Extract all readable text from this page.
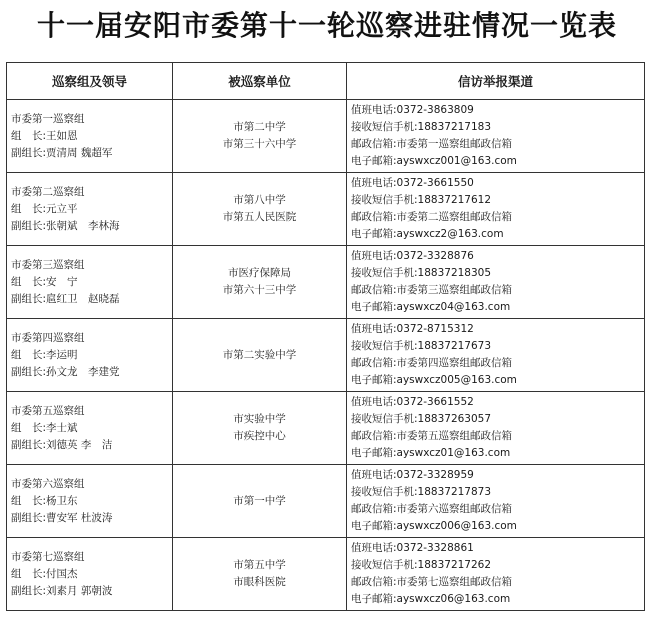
十一届安阳市委第十一轮巡察进驻情况一览表
巡察组及领导	被巡察单位	信访举报渠道

市委第一巡察组
组　长:王如恩
副组长:贾清周 魏超军	市第二中学
市第三十六中学	值班电话:0372-3863809
接收短信手机:18837217183
邮政信箱:市委第一巡察组邮政信箱
电子邮箱:ayswxcz001@163.com

市委第二巡察组
组　长:元立平
副组长:张朝斌　李林海	市第八中学
市第五人民医院	值班电话:0372-3661550
接收短信手机:18837217612
邮政信箱:市委第二巡察组邮政信箱
电子邮箱:ayswxcz2@163.com

市委第三巡察组
组　长:安　宁
副组长:扈红卫　赵晓磊	市医疗保障局
市第六十三中学	值班电话:0372-3328876
接收短信手机:18837218305
邮政信箱:市委第三巡察组邮政信箱
电子邮箱:ayswxcz04@163.com

市委第四巡察组
组　长:李运明
副组长:孙文龙　李建党	市第二实验中学	值班电话:0372-8715312
接收短信手机:18837217673
邮政信箱:市委第四巡察组邮政信箱
电子邮箱:ayswxcz005@163.com

市委第五巡察组
组　长:李士斌
副组长:刘德英 李　洁	市实验中学
市疾控中心	值班电话:0372-3661552
接收短信手机:18837263057
邮政信箱:市委第五巡察组邮政信箱
电子邮箱:ayswxcz01@163.com

市委第六巡察组
组　长:杨卫东
副组长:曹安军 杜波涛	市第一中学	值班电话:0372-3328959
接收短信手机:18837217873
邮政信箱:市委第六巡察组邮政信箱
电子邮箱:ayswxcz006@163.com

市委第七巡察组
组　长:付国杰
副组长:刘素月 郭朝波	市第五中学
市眼科医院	值班电话:0372-3328861
接收短信手机:18837217262
邮政信箱:市委第七巡察组邮政信箱
电子邮箱:ayswxcz06@163.com
